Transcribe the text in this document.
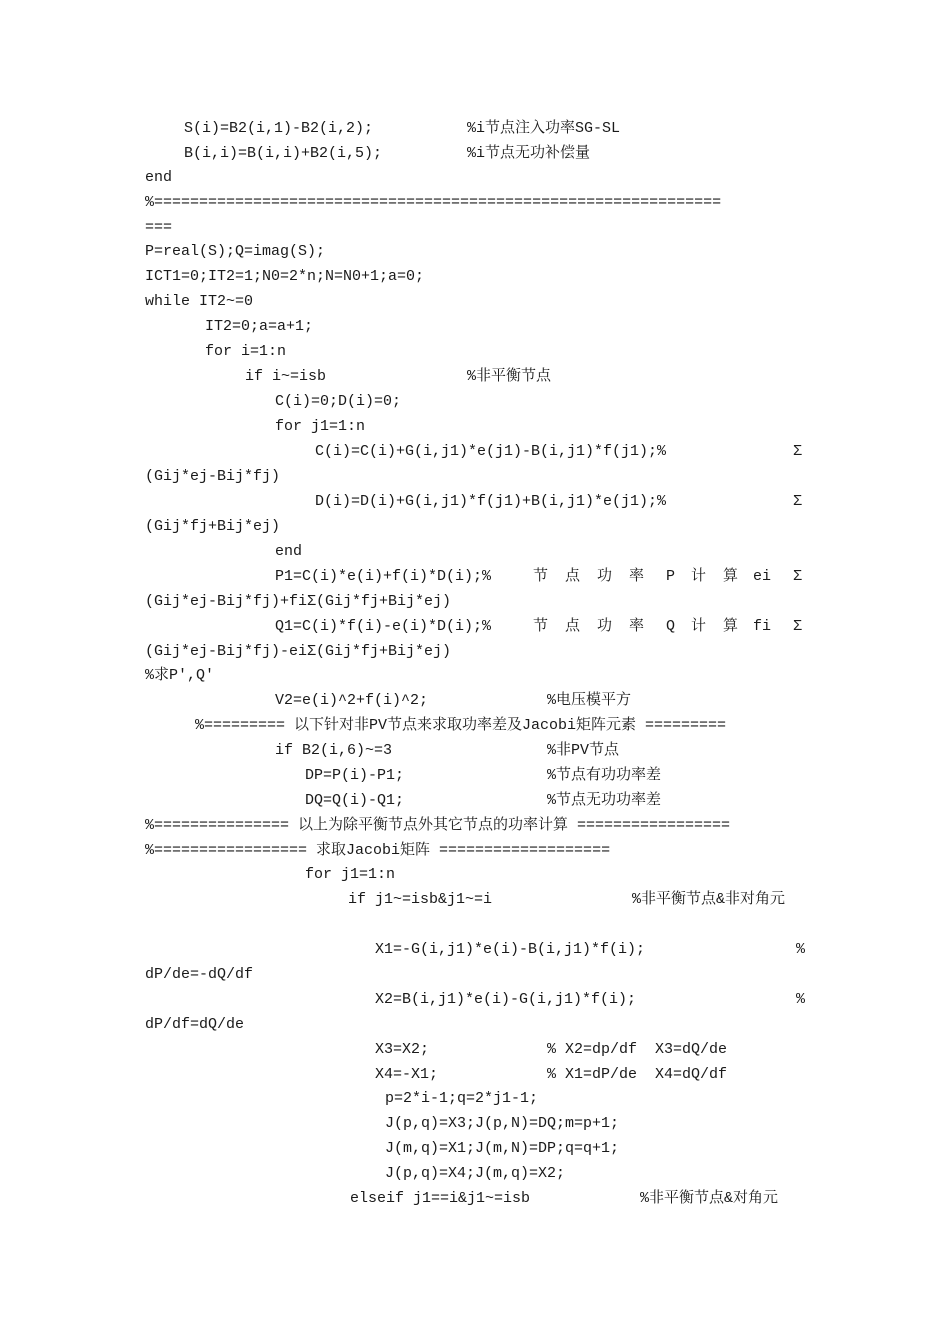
S(i)=B2(i,1)-B2(i,2);

	%i节点注入功率SG-SL

B(i,i)=B(i,i)+B2(i,5);

	%i节点无功补偿量

end

%===============================================================

===

P=real(S);Q=imag(S);

ICT1=0;IT2=1;N0=2*n;N=N0+1;a=0;

while IT2~=0

IT2=0;a=a+1;

for i=1:n

if i~=isb

	%非平衡节点

C(i)=0;D(i)=0;

for j1=1:n

C(i)=C(i)+G(i,j1)*e(j1)-B(i,j1)*f(j1);%

	Σ

(Gij*ej-Bij*fj)

D(i)=D(i)+G(i,j1)*f(j1)+B(i,j1)*e(j1);%

	Σ

(Gij*fj+Bij*ej)

end

P1=C(i)*e(i)+f(i)*D(i);%

	节

点

功

率

P

计

算

ei

Σ

(Gij*ej-Bij*fj)+fiΣ(Gij*fj+Bij*ej)

Q1=C(i)*f(i)-e(i)*D(i);%

	节

点

功

率

Q

计

算

fi

Σ

(Gij*ej-Bij*fj)-eiΣ(Gij*fj+Bij*ej)

%求P',Q'

V2=e(i)^2+f(i)^2;

	%电压模平方

%========= 以下针对非PV节点来求取功率差及Jacobi矩阵元素 =========

if B2(i,6)~=3

	%非PV节点

DP=P(i)-P1;

	%节点有功功率差

DQ=Q(i)-Q1;

	%节点无功功率差

%=============== 以上为除平衡节点外其它节点的功率计算 =================

%================= 求取Jacobi矩阵 ===================

for j1=1:n

if j1~=isb&j1~=i

	%非平衡节点&非对角元

X1=-G(i,j1)*e(i)-B(i,j1)*f(i);

	%

dP/de=-dQ/df

X2=B(i,j1)*e(i)-G(i,j1)*f(i);

	%

dP/df=dQ/de

X3=X2;

	% X2=dp/df  X3=dQ/de

X4=-X1;

	% X1=dP/de  X4=dQ/df

p=2*i-1;q=2*j1-1;

J(p,q)=X3;J(p,N)=DQ;m=p+1;

J(m,q)=X1;J(m,N)=DP;q=q+1;

J(p,q)=X4;J(m,q)=X2;

elseif j1==i&j1~=isb

	%非平衡节点&对角元
